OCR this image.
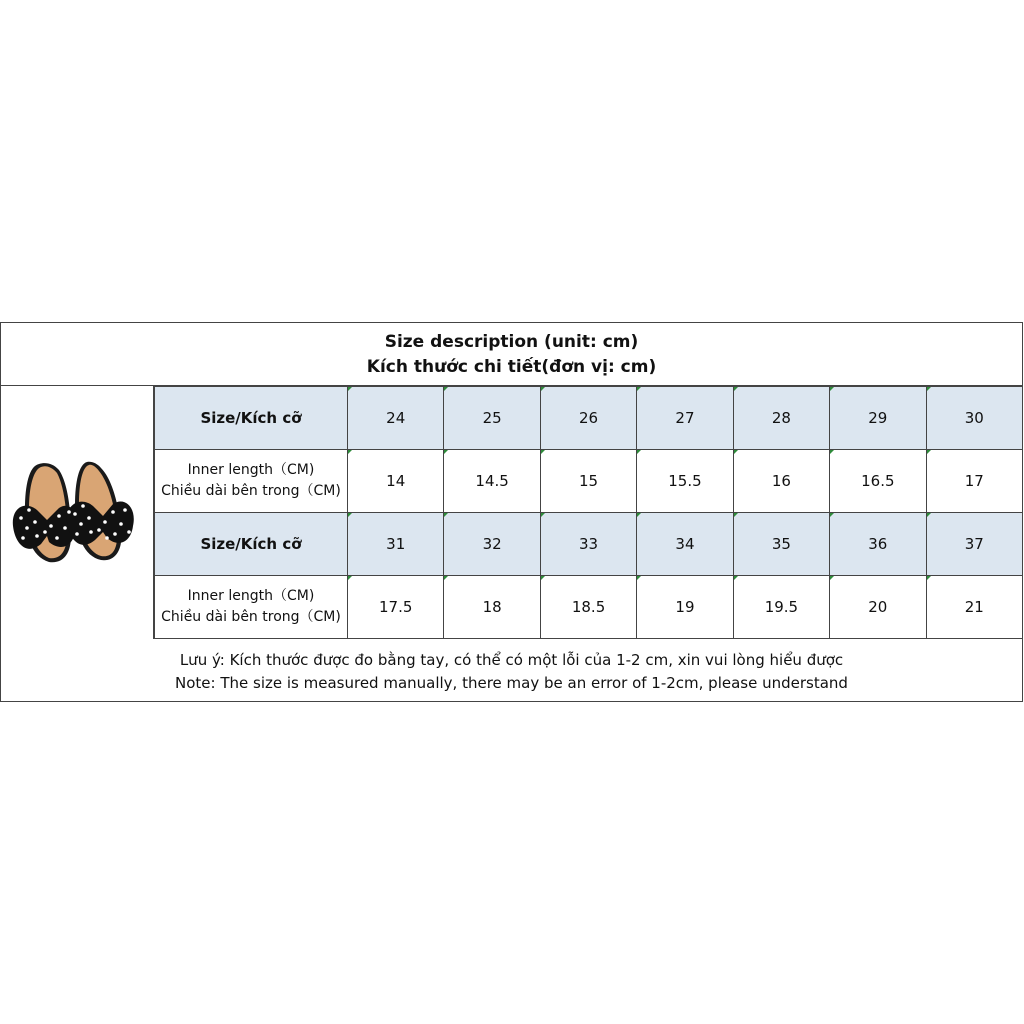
Size description (unit: cm)
Kích thước chi tiết(đơn vị: cm)
Size/Kích cỡ	24	25	26	27	28	29	30

Inner length（CM)
Chiều dài bên trong（CM)	14	14.5	15	15.5	16	16.5	17
Size/Kích cỡ	31	32	33	34	35	36	37

Inner length（CM)
Chiều dài bên trong（CM)	17.5	18	18.5	19	19.5	20	21
Lưu ý: Kích thước được đo bằng tay, có thể có một lỗi của 1-2 cm, xin vui lòng hiểu được
Note: The size is measured manually, there may be an error of 1-2cm, please understand
